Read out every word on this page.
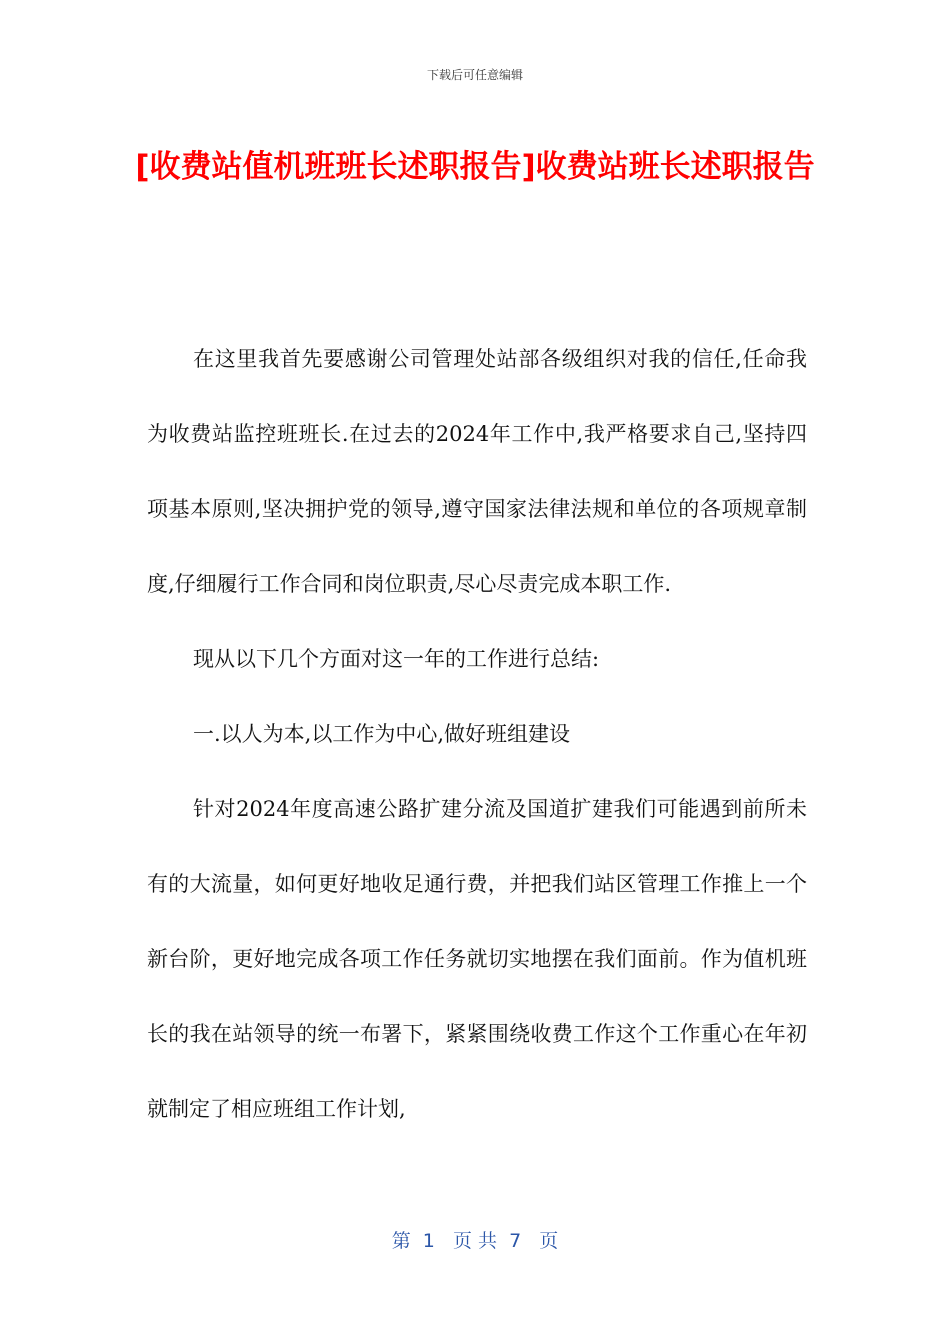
下载后可任意编辑
[收费站值机班班长述职报告]收费站班长述职报告

在这里我首先要感谢公司管理处站部各级组织对我的信任,任命我为收费站监控班班长.在过去的2024年工作中,我严格要求自己,坚持四项基本原则,坚决拥护党的领导,遵守国家法律法规和单位的各项规章制度,仔细履行工作合同和岗位职责,尽心尽责完成本职工作.

现从以下几个方面对这一年的工作进行总结:

一.以人为本,以工作为中心,做好班组建设

针对2024年度高速公路扩建分流及国道扩建我们可能遇到前所未有的大流量，如何更好地收足通行费，并把我们站区管理工作推上一个新台阶，更好地完成各项工作任务就切实地摆在我们面前。作为值机班长的我在站领导的统一布署下，紧紧围绕收费工作这个工作重心在年初就制定了相应班组工作计划,

第  1   页 共  7   页
